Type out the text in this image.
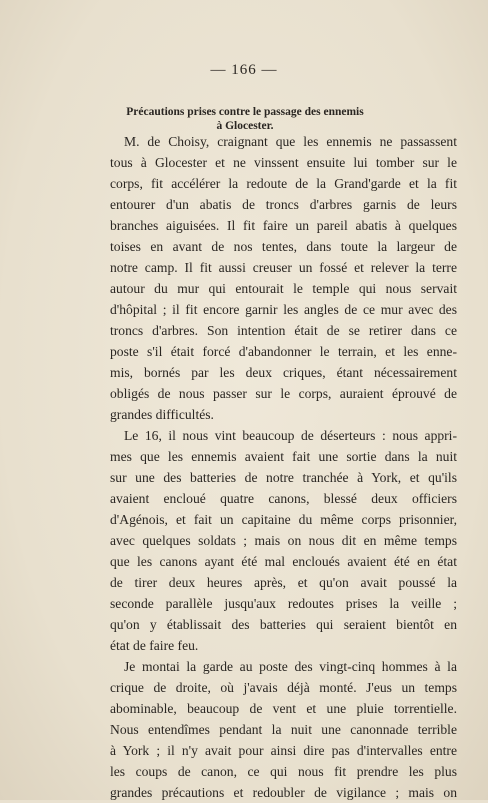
— 166 —
Précautions prises contre le passage des ennemis
à Glocester.
M. de Choisy, craignant que les ennemis ne passassent
tous à Glocester et ne vinssent ensuite lui tomber sur le
corps, fit accélérer la redoute de la Grand'garde et la fit
entourer d'un abatis de troncs d'arbres garnis de leurs
branches aiguisées. Il fit faire un pareil abatis à quelques
toises en avant de nos tentes, dans toute la largeur de
notre camp. Il fit aussi creuser un fossé et relever la terre
autour du mur qui entourait le temple qui nous servait
d'hôpital ; il fit encore garnir les angles de ce mur avec des
troncs d'arbres. Son intention était de se retirer dans ce
poste s'il était forcé d'abandonner le terrain, et les enne-
mis, bornés par les deux criques, étant nécessairement
obligés de nous passer sur le corps, auraient éprouvé de
grandes difficultés.
Le 16, il nous vint beaucoup de déserteurs : nous appri-
mes que les ennemis avaient fait une sortie dans la nuit
sur une des batteries de notre tranchée à York, et qu'ils
avaient encloué quatre canons, blessé deux officiers
d'Agénois, et fait un capitaine du même corps prisonnier,
avec quelques soldats ; mais on nous dit en même temps
que les canons ayant été mal encloués avaient été en état
de tirer deux heures après, et qu'on avait poussé la
seconde parallèle jusqu'aux redoutes prises la veille ;
qu'on y établissait des batteries qui seraient bientôt en
état de faire feu.
Je montai la garde au poste des vingt-cinq hommes à la
crique de droite, où j'avais déjà monté. J'eus un temps
abominable, beaucoup de vent et une pluie torrentielle.
Nous entendîmes pendant la nuit une canonnade terrible
à York ; il n'y avait pour ainsi dire pas d'intervalles entre
les coups de canon, ce qui nous fit prendre les plus
grandes précautions et redoubler de vigilance ; mais on
